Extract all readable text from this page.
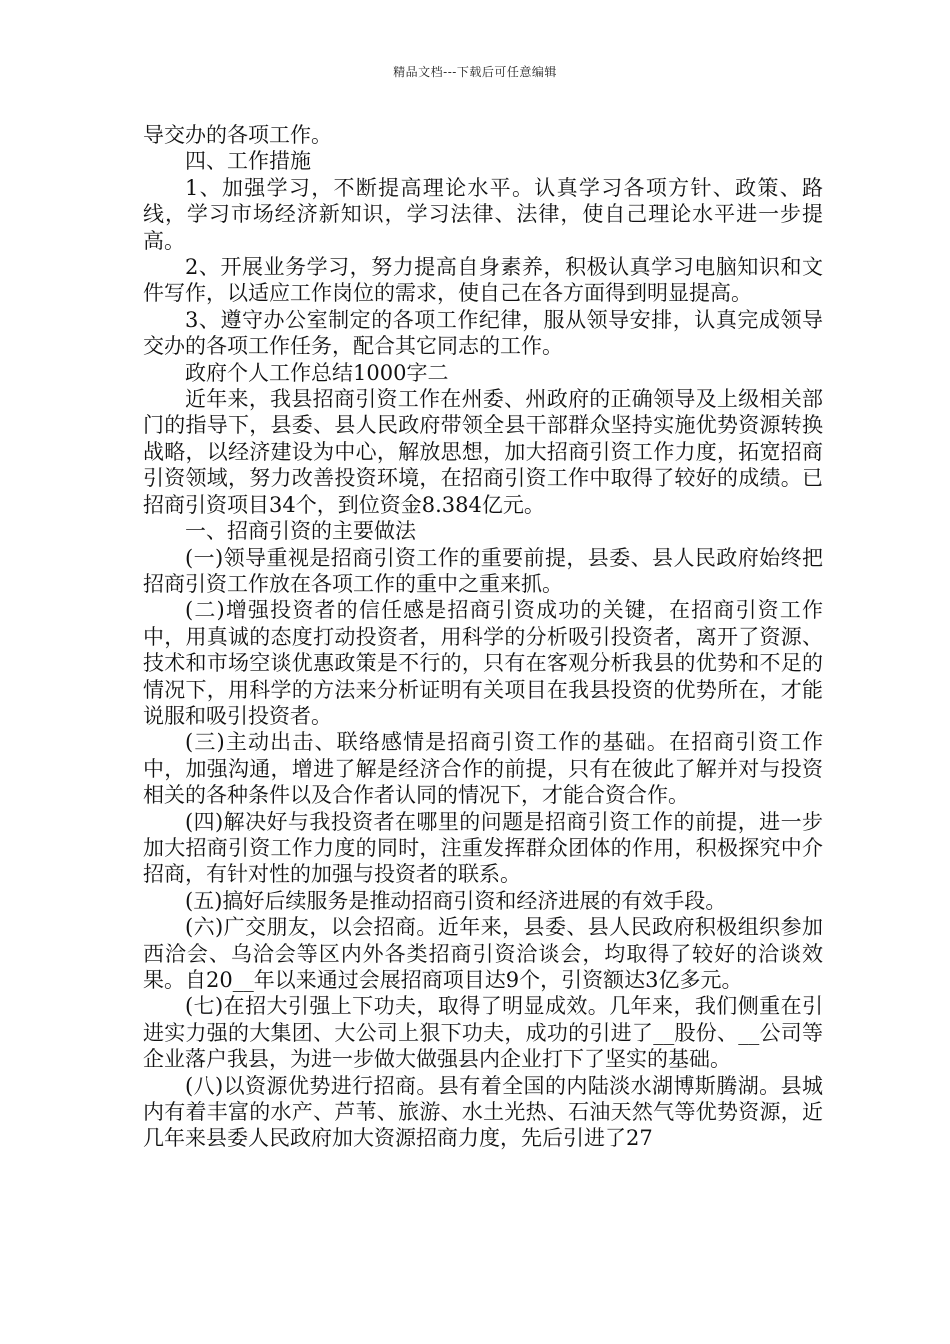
精品文档---下载后可任意编辑

导交办的各项工作。

四、工作措施

1、加强学习，不断提高理论水平。认真学习各项方针、政策、路线，学习市场经济新知识，学习法律、法律，使自己理论水平进一步提高。

2、开展业务学习，努力提高自身素养，积极认真学习电脑知识和文件写作，以适应工作岗位的需求，使自己在各方面得到明显提高。

3、遵守办公室制定的各项工作纪律，服从领导安排，认真完成领导交办的各项工作任务，配合其它同志的工作。

政府个人工作总结1000字二

近年来，我县招商引资工作在州委、州政府的正确领导及上级相关部门的指导下，县委、县人民政府带领全县干部群众坚持实施优势资源转换战略，以经济建设为中心，解放思想，加大招商引资工作力度，拓宽招商引资领域，努力改善投资环境，在招商引资工作中取得了较好的成绩。已招商引资项目34个，到位资金8.384亿元。

一、招商引资的主要做法

(一)领导重视是招商引资工作的重要前提，县委、县人民政府始终把招商引资工作放在各项工作的重中之重来抓。

(二)增强投资者的信任感是招商引资成功的关键，在招商引资工作中，用真诚的态度打动投资者，用科学的分析吸引投资者，离开了资源、技术和市场空谈优惠政策是不行的，只有在客观分析我县的优势和不足的情况下，用科学的方法来分析证明有关项目在我县投资的优势所在，才能说服和吸引投资者。

(三)主动出击、联络感情是招商引资工作的基础。在招商引资工作中，加强沟通，增进了解是经济合作的前提，只有在彼此了解并对与投资相关的各种条件以及合作者认同的情况下，才能合资合作。

(四)解决好与我投资者在哪里的问题是招商引资工作的前提，进一步加大招商引资工作力度的同时，注重发挥群众团体的作用，积极探究中介招商，有针对性的加强与投资者的联系。

(五)搞好后续服务是推动招商引资和经济进展的有效手段。

(六)广交朋友，以会招商。近年来，县委、县人民政府积极组织参加西洽会、乌洽会等区内外各类招商引资洽谈会，均取得了较好的洽谈效果。自20__年以来通过会展招商项目达9个，引资额达3亿多元。

(七)在招大引强上下功夫，取得了明显成效。几年来，我们侧重在引进实力强的大集团、大公司上狠下功夫，成功的引进了__股份、__公司等企业落户我县，为进一步做大做强县内企业打下了坚实的基础。

(八)以资源优势进行招商。县有着全国的内陆淡水湖博斯腾湖。县城内有着丰富的水产、芦苇、旅游、水土光热、石油天然气等优势资源，近几年来县委人民政府加大资源招商力度，先后引进了27
